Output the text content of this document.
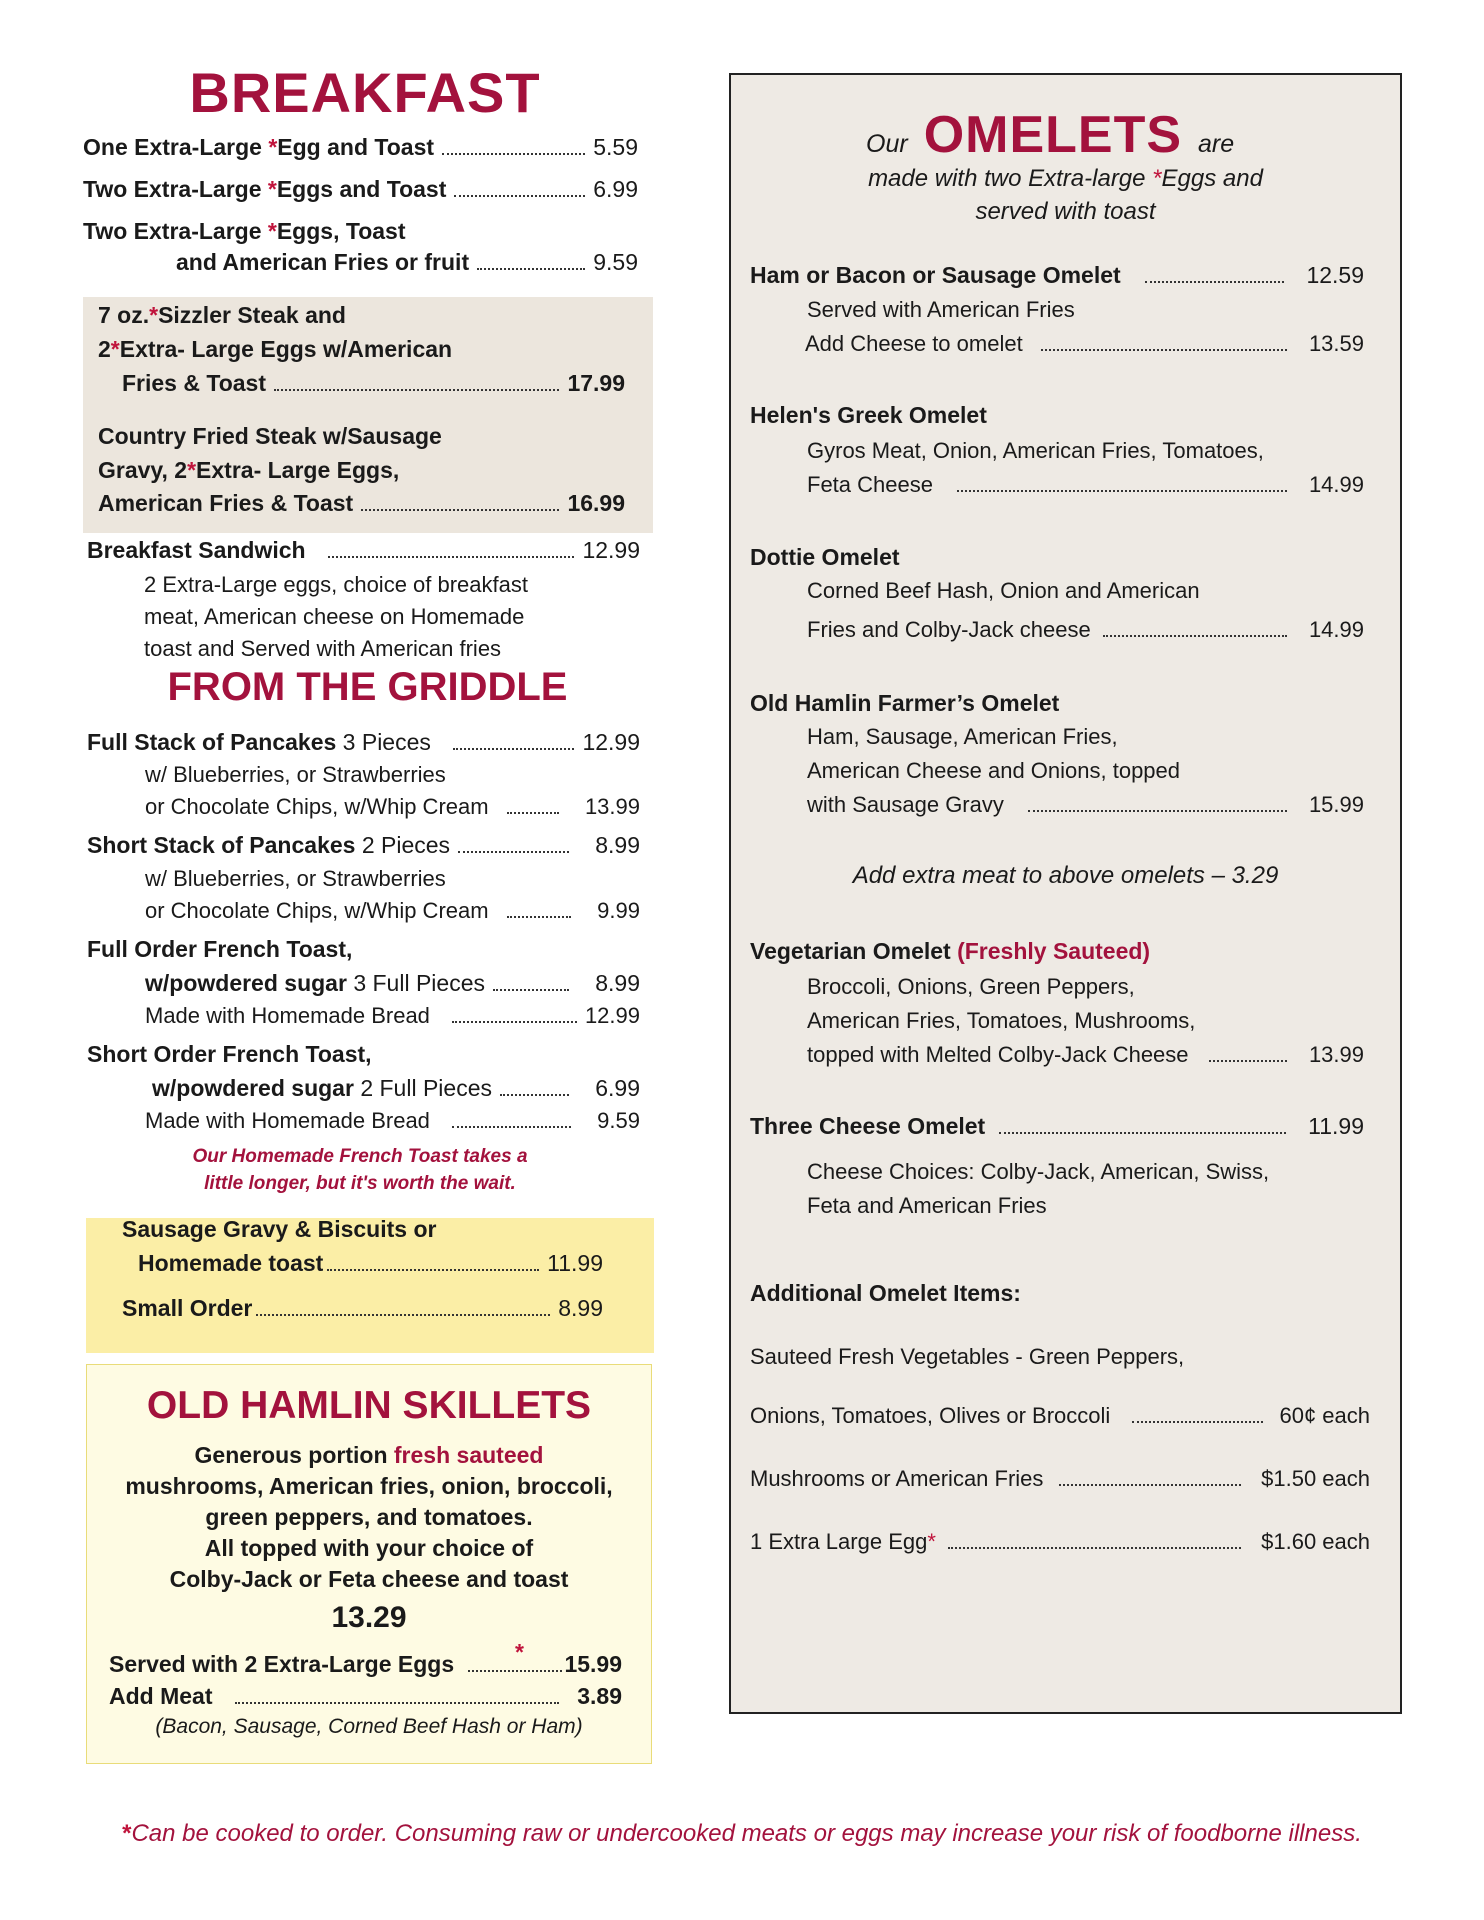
BREAKFAST
One Extra-Large *Egg and Toast	5.59
Two Extra-Large *Eggs and Toast	6.99
Two Extra-Large *Eggs, Toast
and American Fries or fruit	9.59
7 oz. * Sizzler Steak and
2 * Extra- Large Eggs w/American
Fries & Toast	17.99
Country Fried Steak w/Sausage
Gravy, 2 * Extra- Large Eggs,
American Fries & Toast	16.99
Breakfast Sandwich	12.99
2 Extra-Large eggs, choice of breakfast
meat, American cheese on Homemade
toast and Served with American fries
FROM THE GRIDDLE
Full Stack of Pancakes 3 Pieces	12.99
w/ Blueberries, or Strawberries
or Chocolate Chips, w/Whip Cream	13.99
Short Stack of Pancakes 2 Pieces	8.99
w/ Blueberries, or Strawberries
or Chocolate Chips, w/Whip Cream	9.99
Full Order French Toast,
w/powdered sugar 3 Full Pieces	8.99
Made with Homemade Bread	12.99
Short Order French Toast,
w/powdered sugar 2 Full Pieces	6.99
Made with Homemade Bread	9.59
Our Homemade French Toast takes a
little longer, but it's worth the wait.
Sausage Gravy & Biscuits or
Homemade toast	11.99
Small Order	8.99
OLD HAMLIN SKILLETS
Generous portion fresh sauteed
mushrooms, American fries, onion, broccoli,
green peppers, and tomatoes.
All topped with your choice of
Colby-Jack or Feta cheese and toast
13.29
Served with 2 Extra-Large Eggs	* 15.99
Add Meat	3.89
(Bacon, Sausage, Corned Beef Hash or Ham)
Our OMELETS are
made with two Extra-large *Eggs and
served with toast
Ham or Bacon or Sausage Omelet	12.59
Served with American Fries
Add Cheese to omelet	13.59
Helen's Greek Omelet
Gyros Meat, Onion, American Fries, Tomatoes,
Feta Cheese	14.99
Dottie Omelet
Corned Beef Hash, Onion and American
Fries and Colby-Jack cheese	14.99
Old Hamlin Farmer’s Omelet
Ham, Sausage, American Fries,
American Cheese and Onions, topped
with Sausage Gravy	15.99
Add extra meat to above omelets – 3.29
Vegetarian Omelet (Freshly Sauteed)
Broccoli, Onions, Green Peppers,
American Fries, Tomatoes, Mushrooms,
topped with Melted Colby-Jack Cheese	13.99
Three Cheese Omelet	11.99
Cheese Choices: Colby-Jack, American, Swiss,
Feta and American Fries
Additional Omelet Items:
Sauteed Fresh Vegetables - Green Peppers,
Onions, Tomatoes, Olives or Broccoli	60¢ each
Mushrooms or American Fries	$1.50 each
1 Extra Large Egg*	$1.60 each
*Can be cooked to order. Consuming raw or undercooked meats or eggs may increase your risk of foodborne illness.
